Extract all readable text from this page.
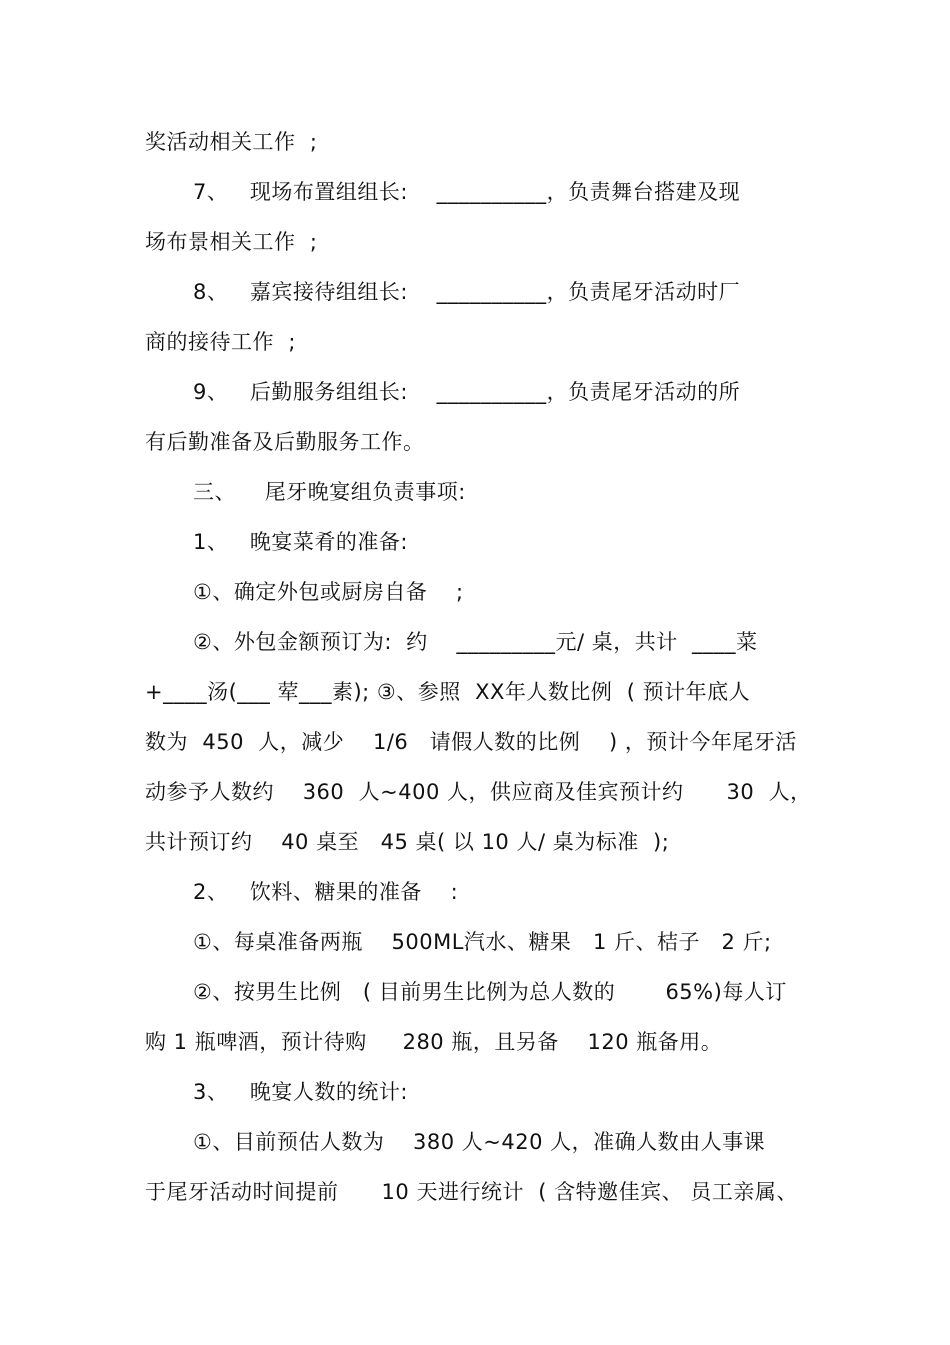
奖活动相关工作  ;
7、   现场布置组组长:    __________，负责舞台搭建及现
场布景相关工作  ;
8、   嘉宾接待组组长:    __________，负责尾牙活动时厂
商的接待工作  ;
9、   后勤服务组组长:    __________，负责尾牙活动的所
有后勤准备及后勤服务工作。
三、    尾牙晚宴组负责事项:
1、   晚宴菜肴的准备:
①、确定外包或厨房自备    ;
②、外包金额预订为:  约    _________元/ 桌，共计  ____菜
+____汤(___ 荤___素); ③、参照  XX年人数比例  ( 预计年底人
数为  450  人，减少    1/6   请假人数的比例    ) ，预计今年尾牙活
动参予人数约    360  人~400 人，供应商及佳宾预计约      30  人，
共计预订约    40 桌至   45 桌( 以 10 人/ 桌为标准  );
2、   饮料、糖果的准备    :
①、每桌准备两瓶    500ML汽水、糖果   1 斤、桔子   2 斤;
②、按男生比例   ( 目前男生比例为总人数的       65%)每人订
购 1 瓶啤酒，预计待购     280 瓶，且另备    120 瓶备用。
3、   晚宴人数的统计:
①、目前预估人数为    380 人~420 人，准确人数由人事课
于尾牙活动时间提前      10 天进行统计  ( 含特邀佳宾、 员工亲属、
